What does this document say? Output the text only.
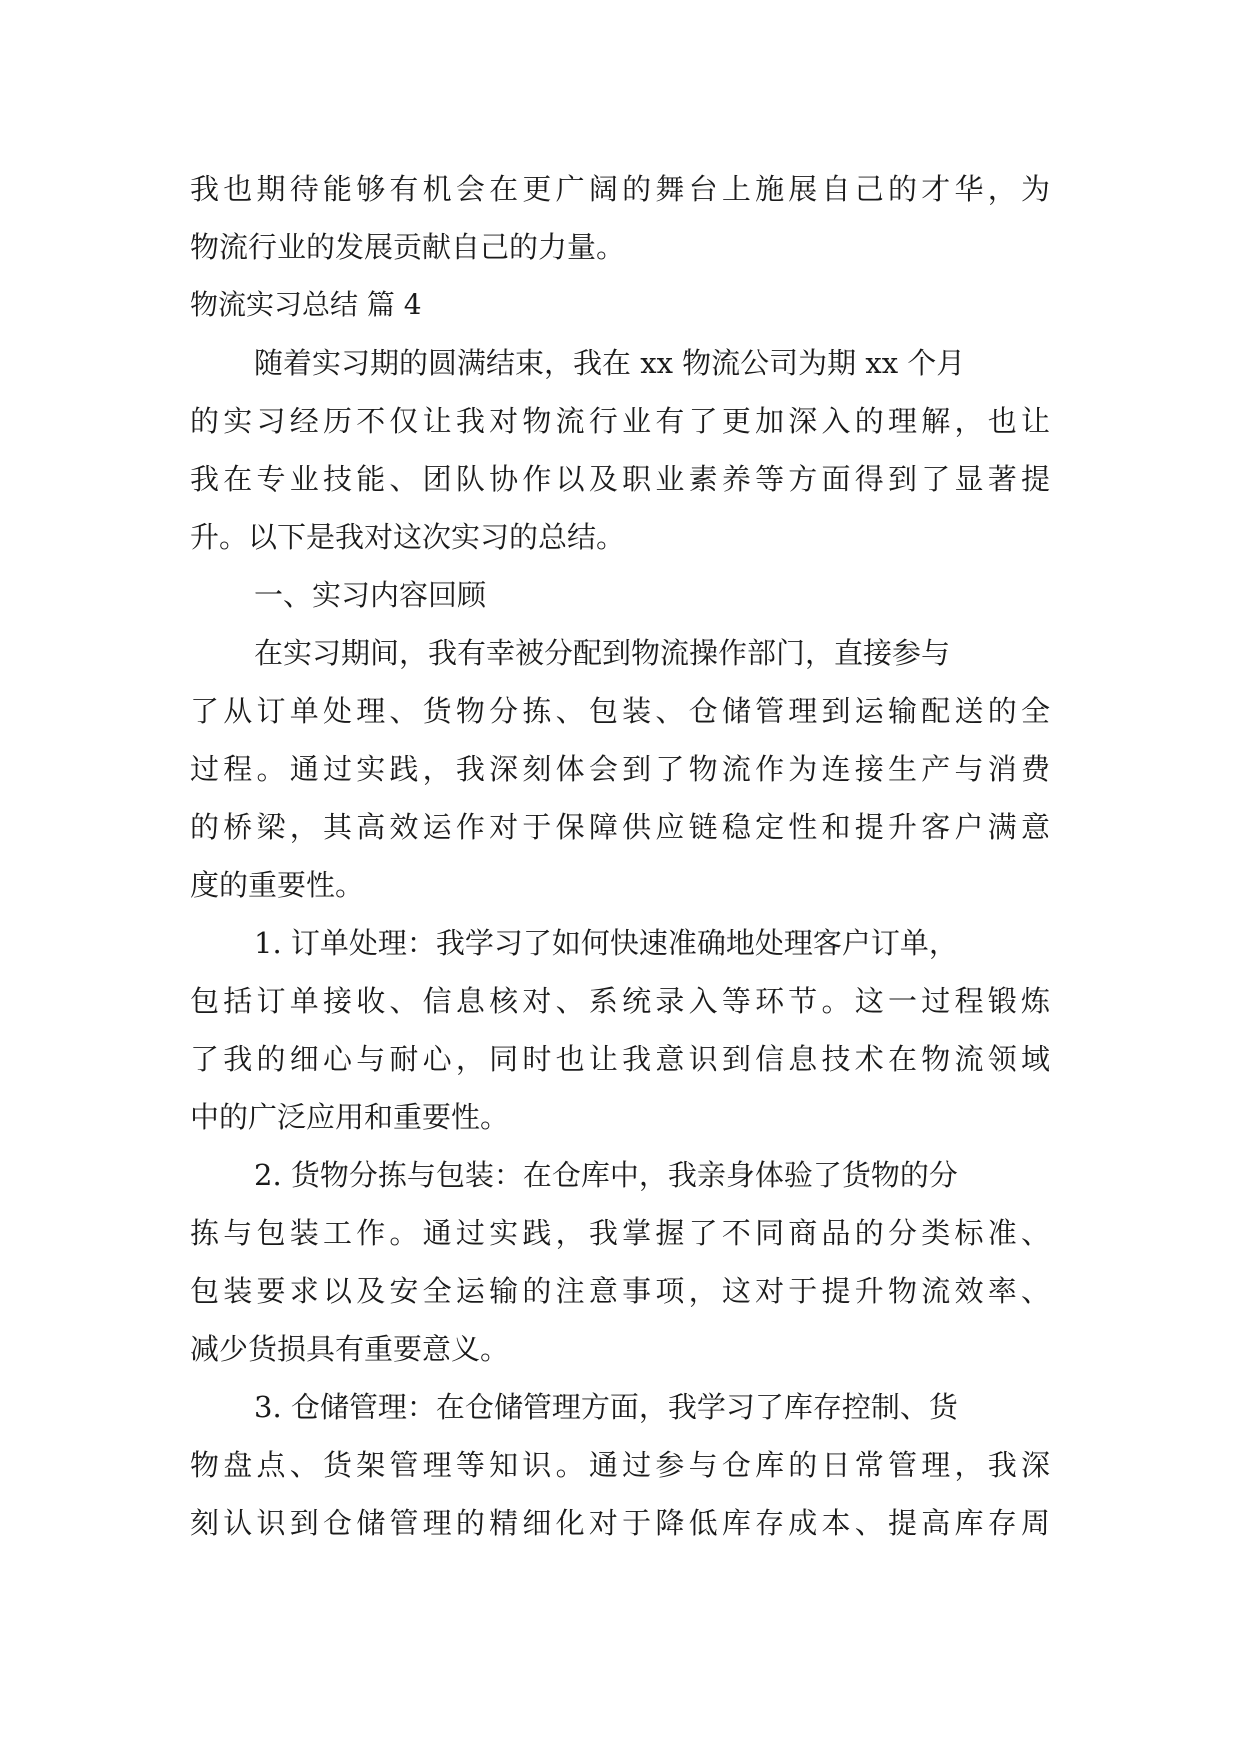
我也期待能够有机会在更广阔的舞台上施展自己的才华，为
物流行业的发展贡献自己的力量。
物流实习总结 篇 4
随着实习期的圆满结束，我在 xx 物流公司为期 xx 个月
的实习经历不仅让我对物流行业有了更加深入的理解，也让
我在专业技能、团队协作以及职业素养等方面得到了显著提
升。以下是我对这次实习的总结。
一、实习内容回顾
在实习期间，我有幸被分配到物流操作部门，直接参与
了从订单处理、货物分拣、包装、仓储管理到运输配送的全
过程。通过实践，我深刻体会到了物流作为连接生产与消费
的桥梁，其高效运作对于保障供应链稳定性和提升客户满意
度的重要性。
1. 订单处理：我学习了如何快速准确地处理客户订单，
包括订单接收、信息核对、系统录入等环节。这一过程锻炼
了我的细心与耐心，同时也让我意识到信息技术在物流领域
中的广泛应用和重要性。
2. 货物分拣与包装：在仓库中，我亲身体验了货物的分
拣与包装工作。通过实践，我掌握了不同商品的分类标准、
包装要求以及安全运输的注意事项，这对于提升物流效率、
减少货损具有重要意义。
3. 仓储管理：在仓储管理方面，我学习了库存控制、货
物盘点、货架管理等知识。通过参与仓库的日常管理，我深
刻认识到仓储管理的精细化对于降低库存成本、提高库存周
